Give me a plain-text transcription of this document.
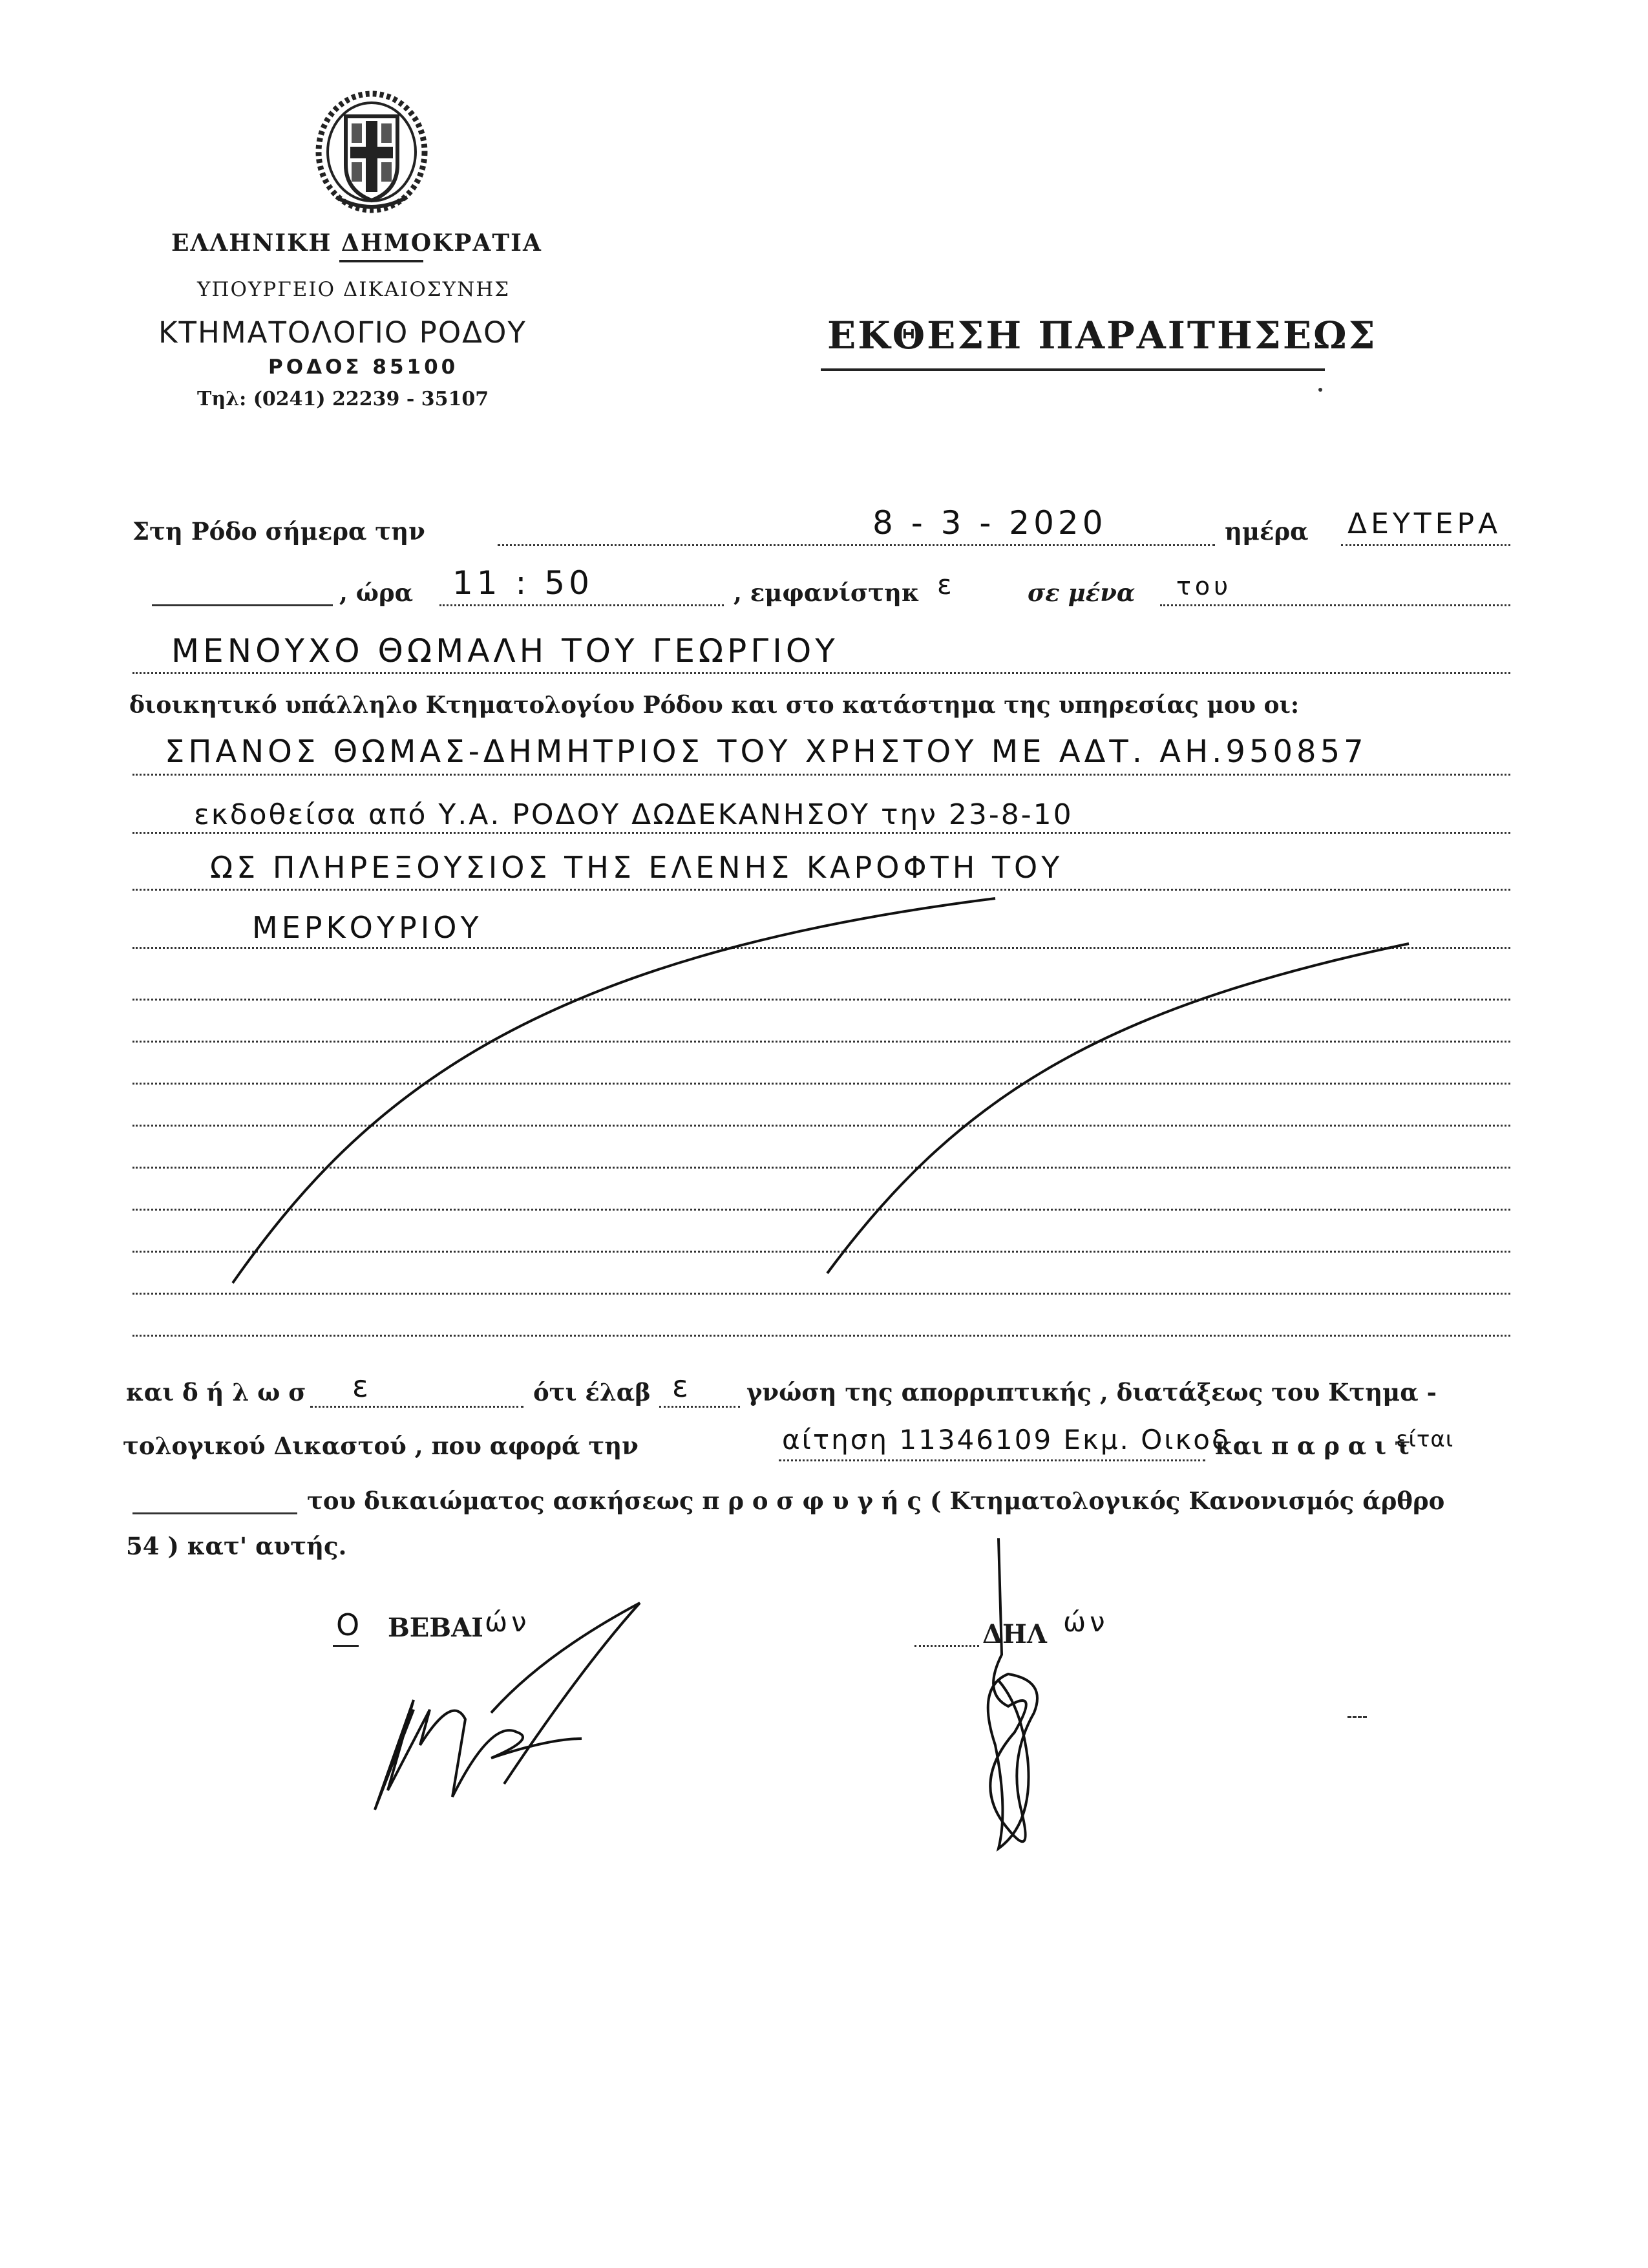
ΕΛΛΗΝΙΚΗ ΔΗΜΟΚΡΑΤΙΑ
ΥΠΟΥΡΓΕΙΟ ΔΙΚΑΙΟΣΥΝΗΣ
ΚΤΗΜΑΤΟΛΟΓΙΟ ΡΟΔΟΥ
ΡΟΔΟΣ 85100
Τηλ: (0241) 22239 - 35107
ΕΚΘΕΣΗ ΠΑΡΑΙΤΗΣΕΩΣ
Στη Ρόδο σήμερα την	8 - 3 - 2020	ημέρα ΔΕΥΤΕΡΑ
, ώρα 11 : 50	, εμφανίστηκ ε	σε μένα του
ΜΕΝΟΥΧΟ ΘΩΜΑΛΗ ΤΟΥ ΓΕΩΡΓΙΟΥ
διοικητικό υπάλληλο Κτηματολογίου Ρόδου και στο κατάστημα της υπηρεσίας μου οι:
ΣΠΑΝΟΣ ΘΩΜΑΣ-ΔΗΜΗΤΡΙΟΣ ΤΟΥ ΧΡΗΣΤΟΥ ΜΕ ΑΔΤ. ΑΗ.950857
εκδοθείσα από Υ.Α. ΡΟΔΟΥ ΔΩΔΕΚΑΝΗΣΟΥ την 23-8-10
ΩΣ ΠΛΗΡΕΞΟΥΣΙΟΣ ΤΗΣ ΕΛΕΝΗΣ ΚΑΡΟΦΤΗ ΤΟΥ
ΜΕΡΚΟΥΡΙΟΥ
και δ ή λ ω σ ε	ότι έλαβ ε γνώση της απορριπτικής , διατάξεως του Κτημα -
τολογικού Δικαστού , που αφορά την	αίτηση 11346109 Εκμ. Οικοδ
και π α ρ α ι τ
είται
του δικαιώματος ασκήσεως π ρ ο σ φ υ γ ή ς ( Κτηματολογικός Κανονισμός άρθρο
54 ) κατ' αυτής.
Ο ΒΕΒΑΙ ών	ΔΗΛ ών
